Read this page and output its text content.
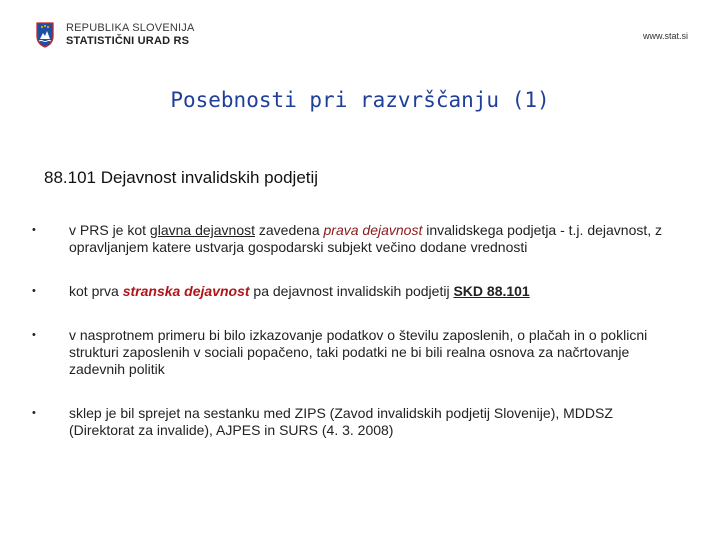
REPUBLIKA SLOVENIJA
STATISTIČNI URAD RS	www.stat.si
Posebnosti pri razvrščanju (1)
88.101 Dejavnost invalidskih podjetij
• v PRS je kot glavna dejavnost zavedena prava dejavnost invalidskega podjetja - t.j. dejavnost, z opravljanjem katere ustvarja gospodarski subjekt večino dodane vrednosti
• kot prva stranska dejavnost pa dejavnost invalidskih podjetij SKD 88.101
• v nasprotnem primeru bi bilo izkazovanje podatkov o številu zaposlenih, o plačah in o poklicni strukturi zaposlenih v sociali popačeno, taki podatki ne bi bili realna osnova za načrtovanje zadevnih politik
• sklep je bil sprejet na sestanku med ZIPS (Zavod invalidskih podjetij Slovenije), MDDSZ (Direktorat za invalide), AJPES in SURS (4. 3. 2008)
